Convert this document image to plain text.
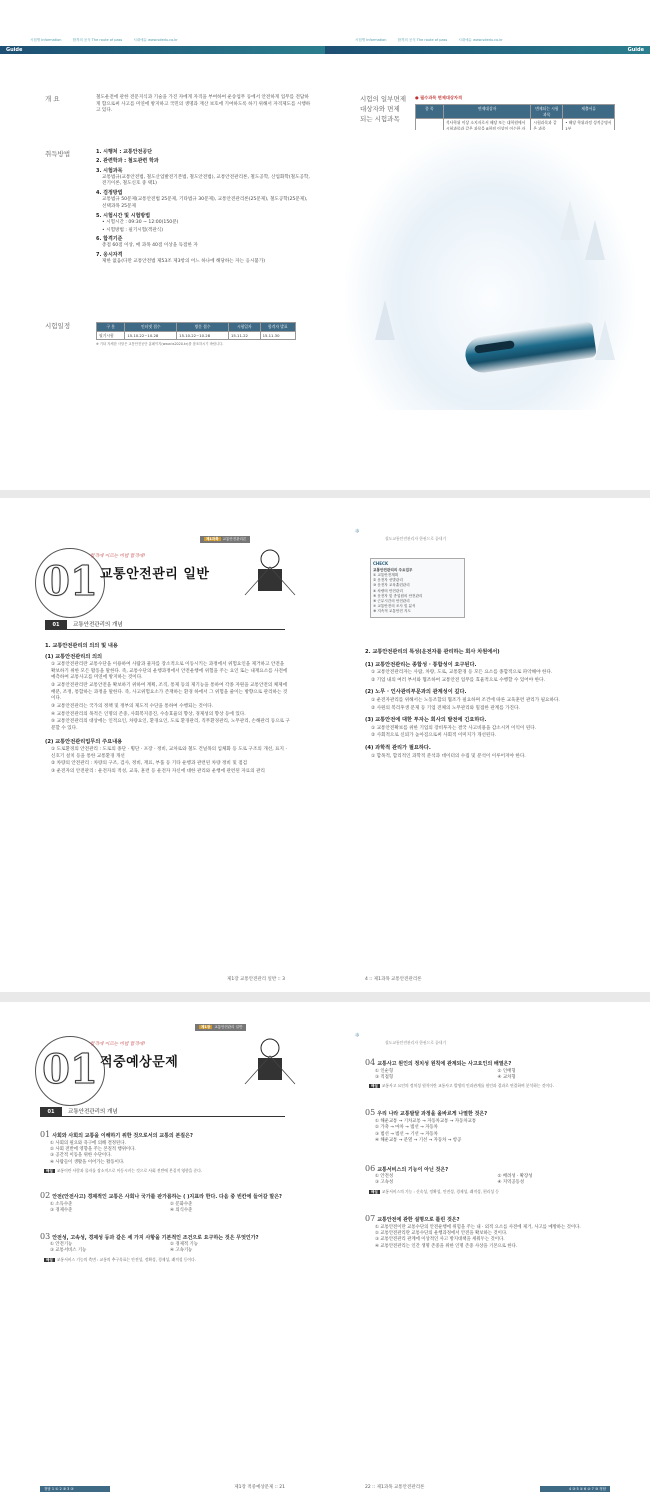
시험명 Information	합격의 공식 The route of pass	시대에듀 www.sdedu.co.kr
Guide
개 요	철도운전에 관한 전문지식과 기술을 가진 자에게 자격을 부여하여 운송업무 등에서 안전하게 업무를 전담하게 함으로써 사고를 미연에 방지하고 국민의 생명과 재산 보호에 기여하도록 하기 위해서 자격제도를 시행하고 있다.
취득방법	1. 시행처 : 교통안전공단
2. 관련학과 : 철도관련 학과
3. 시험과목

교통법규(교통안전법, 철도산업발전기본법, 철도안전법), 교통안전관리론, 철도공학, 산업화학(철도공학, 전기이론, 철도신호 중 택1)

4. 검정방법

교통법규 50문제(교통안전법 25문제, 기타법규 30문제), 교통안전관리론(25문제), 철도공학(25문제), 선택과목 25문제

5. 시험시간 및 시험방법

• 시험시간 : 09:30 ~ 12:00(150분)

• 시험방법 : 필기시험(객관식)

6. 합격기준

총점 60점 이상, 매 과목 40점 이상을 득점한 자

7. 응시자격

제한 없음(다만 교통안전법 제53조 제3항의 어느 하나에 해당하는 자는 응시불가)

시험일정	구 분	인터넷 접수	방문 접수	시험일자	합격자 발표
필기시험	15.10.22~10.28	15.10.22~10.28	15.11.22	15.11.30
※ 기타 자세한 사항은 교통안전공단 홈페이지(www.ts2020.kr)를 참조하시기 바랍니다.
시험명 Information	합격의 공식 The route of pass	시대에듀 www.sdedu.co.kr
Guide
시험의 일부면제
대상자와 면제
되는 시험과목
● 필수과목 면제대상자격
종 목	면제대상자	면제되는 시험과목	제출서류
	석사학위 이상 소지자로서 해당 또는 대학원에서 시험과목과 같은 과목을 8학점 이상이 이수한 자	시험과목과 같은 과목	• 해당 학위과정 성적증명서 1부

제1과목 교통안전관리론
01
합격에 이르는 비법 합격에!
교통안전관리 일반
01 교통안전관리의 개념
1. 교통안전관리의 의의 및 내용
(1) 교통안전관리의 의의

① 교통안전관리란 교통수단을 이용하여 사람과 물자를 장소적으로 이동시키는 과정에서 위험요인을 제거하고 안전을 확보하기 위한 모든 활동을 말한다. 즉, 교통수단의 운행과정에서 안전운행에 위험을 주는 요인 또는 내재요소를 사전에 예측하여 교통사고를 미연에 방지하는 것이다.

② 교통안전관리란 교통안전을 확보하기 위하여 계획, 조직, 통제 등의 제기능을 통하여 각종 자원을 교통안전의 체제에 배분, 조정, 통합하는 과정을 말한다. 즉, 사고위험요소가 존재하는 환경 하에서 그 위험을 줄이는 방향으로 관리하는 것이다.

③ 교통안전관리는 국가의 정책 및 정부의 제도적 수단을 통하여 수행되는 것이다.

④ 교통안전관리의 목적은 인명의 존중, 사회복지증진, 수송효율의 향상, 경제성의 향상 등에 있다.

⑤ 교통안전관리의 대상에는 인적요인, 차량요인, 환경요인, 도로 환경관리, 직무환경관리, 노무관리, 손해관리 등으로 구분할 수 있다.

(2) 교통안전관리업무의 주요내용

① 도로환경의 안전관리 : 도로의 종단 · 횡단 · 포장 · 정비, 교차로와 철도 건널목의 입체화 등 도로 구조의 개선, 표지 · 신호기 설치 등을 통한 교통환경 개선

② 차량의 안전관리 : 차량의 구조, 검사, 정비, 재료, 부품 등 기타 운행과 관련된 차량 정비 및 점검

③ 운전자의 안전관리 : 운전자의 적성, 교육, 훈련 등 운전자 자신에 대한 관리와 운행에 관련된 자료의 관리

제1장 교통안전관리 일반 :: 3
❄
철도교통안전관리자 한권으로 끝내기
CHECK
교통안전관리의 주요업무
① 교통안전계획
② 운전자 선발관리
③ 운전자 교육훈련관리
④ 차량의 안전관리
⑤ 운전자 및 종업원의 안전관리
⑥ 근무시간의 안전관리
⑦ 교통안전의 조사 및 분석
⑧ 지속적 교통안전 지도
2. 교통안전관리의 특성(운전자를 관리하는 회사 차원에서)
(1) 교통안전관리는 종합성 · 통합성이 요구된다.

① 교통안전관리자는 사람, 차량, 도로, 교통환경 등 모든 요소를 종합적으로 파악해야 한다.

② 기업 내의 여러 부서와 협조하여 교통안전 업무를 효율적으로 수행할 수 있어야 한다.

(2) 노무 · 인사관리부문과의 관계성이 깊다.

① 운전자관리를 위해서는 노동조합의 협조가 필요하며 조건에 따른 교육훈련 관리가 필요하다.

② 사원의 복리후생 문제 등 기업 전체의 노무관리와 밀접한 관계를 가진다.

(3) 교통안전에 대한 투자는 회사의 발전에 긴요하다.

① 교통안전확보를 위한 기업의 장비투자는 결국 사고비용을 감소시켜 이익이 된다.

② 사회적으로 신뢰가 높아짐으로써 사회적 이미지가 개선된다.

(4) 과학적 관리가 필요하다.

① 합목적, 합리적인 과학적 분석과 데이터의 수집 및 분석이 이루어져야 한다.

4 :: 제1과목 교통안전관리론
제1장 교통안전관리 일반
01
합격에 이르는 비법 합격에!
적중예상문제
01 교통안전관리의 개념
01 사회와 사회의 교통을 이해하기 위한 것으로서의 교통의 본질은?
① 사회의 필요와 욕구에 의해 결정된다.
② 사회 전반에 영향을 주는 본질적 행위이다.
③ 공간적 이동을 위한 수단이다.
④ 사람들이 생활을 이어가는 활동이다.
해설 교통이란 사람과 물자를 장소적으로 이동시키는 것으로 사회 전반에 본질적 영향을 준다.
02 안전(안전사고) 경제적인 교통은 사회나 국가를 판가름하는 ( )지표라 한다. 다음 중 빈칸에 들어갈 말은?
① 소득수준	② 문화수준
③ 경제수준	④ 의식수준
03 안전성, 고속성, 경제성 등과 같은 세 가지 사항을 기본적인 조건으로 요구하는 것은 무엇인가?
① 안전기능	② 경제적 기능
③ 교통서비스 기능	④ 고속기능
해설 교통서비스 기능의 측면 : 교통의 추구목표는 안전성, 정확성, 경제성, 쾌적성 등이다.
정답 1 ① 2 ③ 3 ③	제1장 적중예상문제 :: 21
❄
철도교통안전관리자 한권으로 끝내기
04 교통사고 원인의 정치성 원칙에 관계되는 사고요인의 배열은?
① 인순형	② 인배형
③ 직접형	④ 교차형
해설 교통사고 요인의 정치성 원칙이란 교통사고 발생의 인과관계를 원인과 결과로 연결하여 분석하는 것이다.
05 우리 나라 교통발달 과정을 올바르게 나열한 것은?
① 해운교통 → 기차교통 → 자동차교통 → 자동차교통
② 가축 → 마차 → 범선 → 자동차
③ 범선 → 범선 → 기선 → 자동차
④ 해운교통 → 분열 → 기선 → 자동차 → 항공
06 교통서비스의 기능이 아닌 것은?
① 안전성	② 배려성 · 확장성
③ 고속성	④ 지역공동성
해설 교통서비스의 기능 : 신속성, 정확성, 안전성, 경제성, 쾌적성, 편리성 등
07 교통안전에 관한 설명으로 틀린 것은?
① 교통안전이란 교통수단의 안전운행에 위험을 주는 내 · 외적 요소를 사전에 제거, 사고를 예방하는 것이다.
② 교통안전관리란 교통수단의 운행과정에서 안전을 확보하는 것이다.
③ 교통안전관리 관계에 이상적인 사고 방지대책을 세워두는 것이다.
④ 교통안전관리는 인간 생명 존중을 위한 인명 존중 사상을 기본으로 한다.
22 :: 제1과목 교통안전관리론	4 ③ 5 ① 6 ② 7 ③ 정답
